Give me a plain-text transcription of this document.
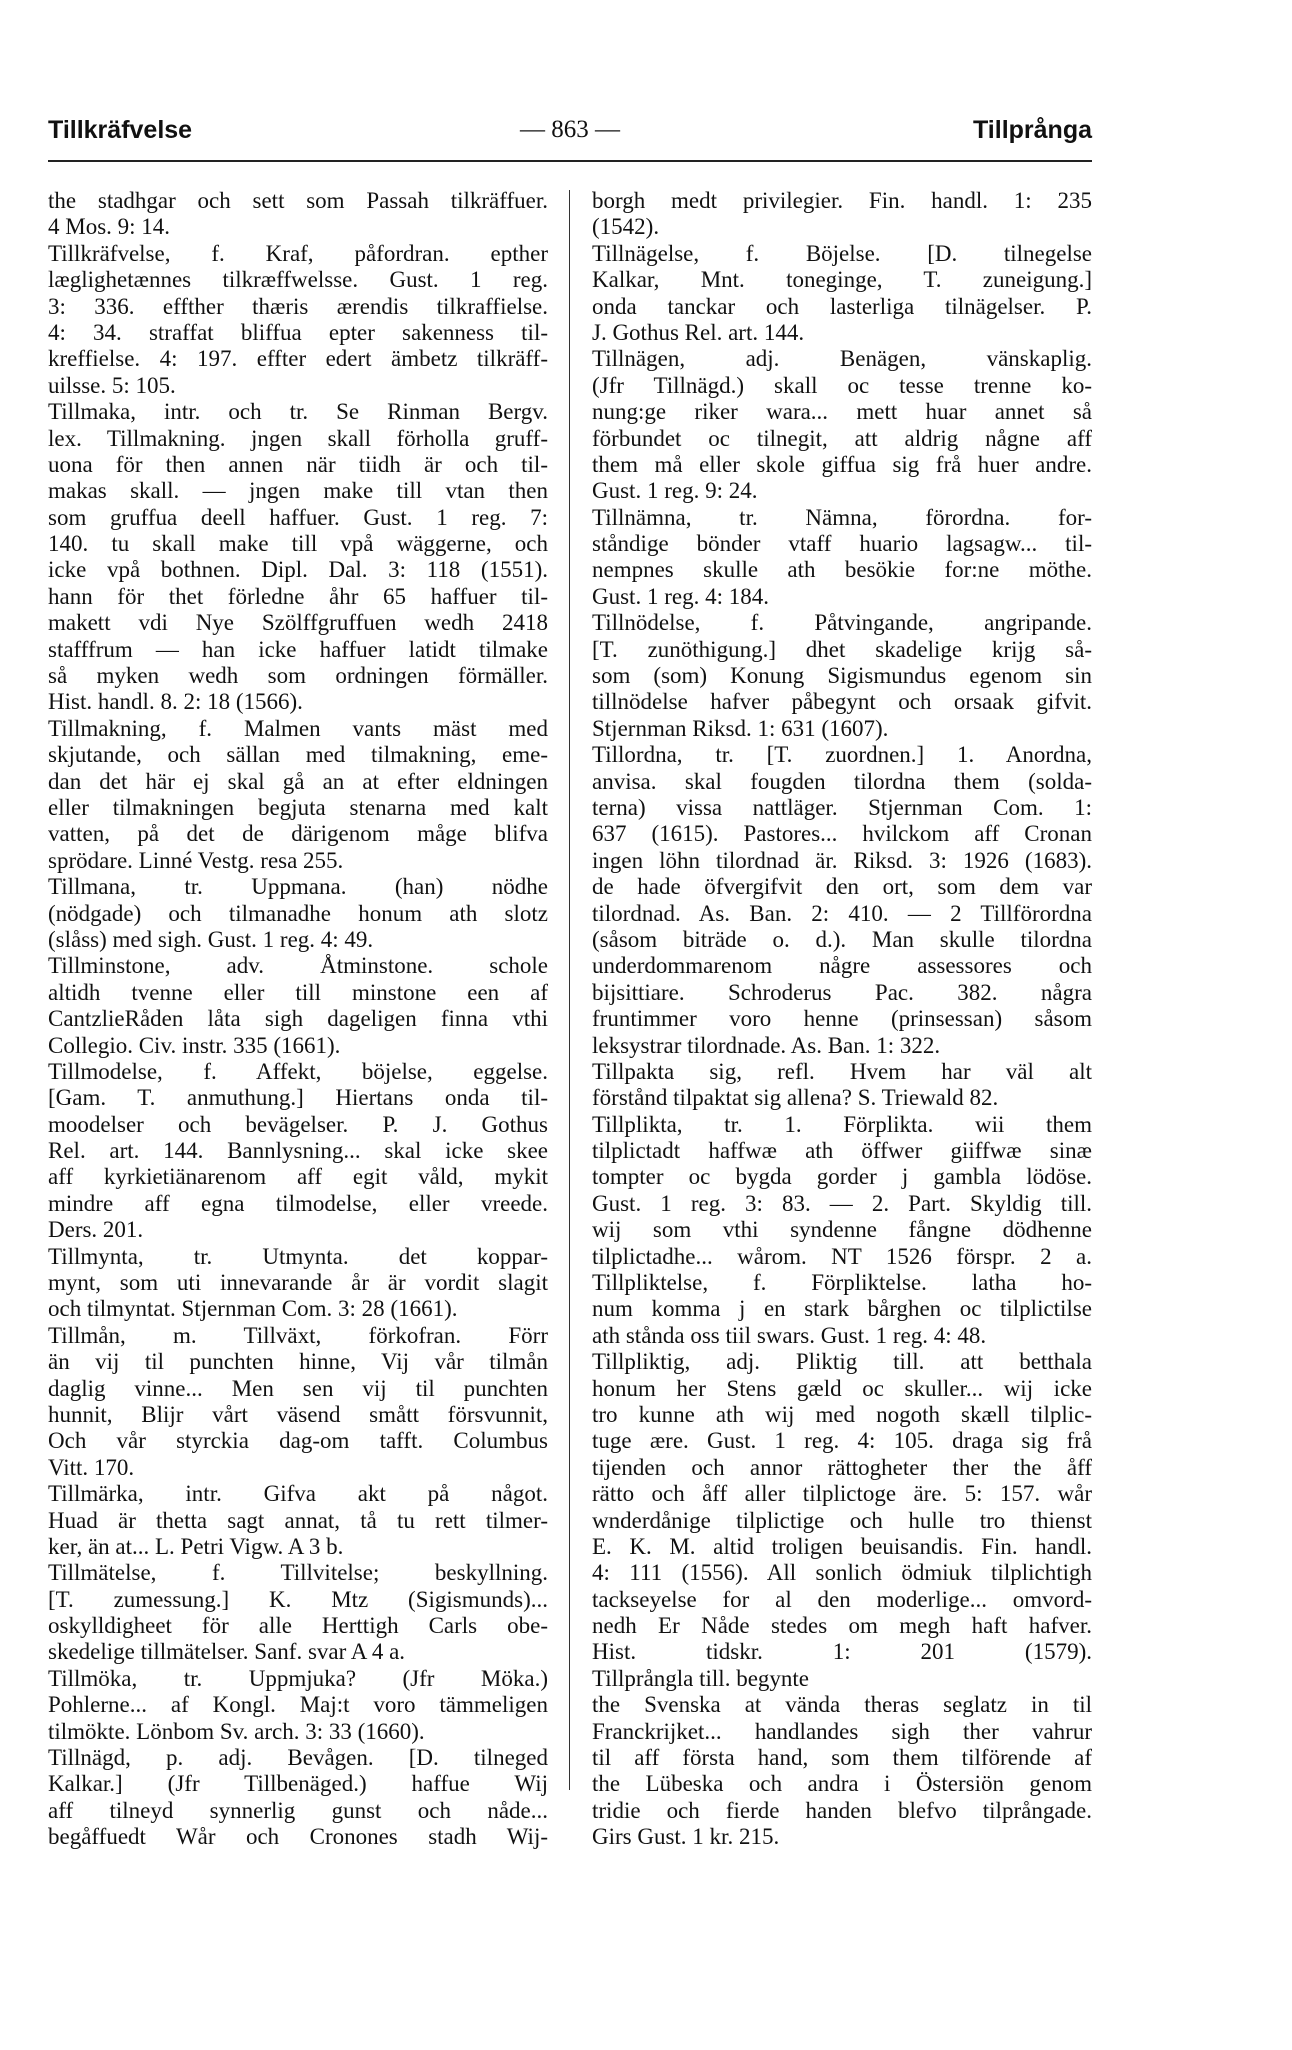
Tillkräfvelse	— 863 —	Tillprånga
the stadhgar och sett som Passah tilkräffuer.
4 Mos. 9: 14.
Tillkräfvelse, f. Kraf, påfordran. epther
læglighetænnes tilkræffwelsse. Gust. 1 reg.
3: 336. effther thæris ærendis tilkraffielse.
4: 34. straffat bliffua epter sakenness til-
kreffielse. 4: 197. effter edert ämbetz tilkräff-
uilsse. 5: 105.
Tillmaka, intr. och tr. Se Rinman Bergv.
lex. Tillmakning. jngen skall förholla gruff-
uona för then annen när tiidh är och til-
makas skall. — jngen make till vtan then
som gruffua deell haffuer. Gust. 1 reg. 7:
140. tu skall make till vpå wäggerne, och
icke vpå bothnen. Dipl. Dal. 3: 118 (1551).
hann för thet förledne åhr 65 haffuer til-
makett vdi Nye Szölffgruffuen wedh 2418
stafffrum — han icke haffuer latidt tilmake
så myken wedh som ordningen förmäller.
Hist. handl. 8. 2: 18 (1566).
Tillmakning, f. Malmen vants mäst med
skjutande, och sällan med tilmakning, eme-
dan det här ej skal gå an at efter eldningen
eller tilmakningen begjuta stenarna med kalt
vatten, på det de därigenom måge blifva
sprödare. Linné Vestg. resa 255.
Tillmana, tr. Uppmana. (han) nödhe
(nödgade) och tilmanadhe honum ath slotz
(slåss) med sigh. Gust. 1 reg. 4: 49.
Tillminstone, adv. Åtminstone. schole
altidh tvenne eller till minstone een af
CantzlieRåden låta sigh dageligen finna vthi
Collegio. Civ. instr. 335 (1661).
Tillmodelse, f. Affekt, böjelse, eggelse.
[Gam. T. anmuthung.] Hiertans onda til-
moodelser och bevägelser. P. J. Gothus
Rel. art. 144. Bannlysning... skal icke skee
aff kyrkietiänarenom aff egit våld, mykit
mindre aff egna tilmodelse, eller vreede.
Ders. 201.
Tillmynta, tr. Utmynta. det koppar-
mynt, som uti innevarande år är vordit slagit
och tilmyntat. Stjernman Com. 3: 28 (1661).
Tillmån, m. Tillväxt, förkofran. Förr
än vij til punchten hinne, Vij vår tilmån
daglig vinne... Men sen vij til punchten
hunnit, Blijr vårt väsend smått försvunnit,
Och vår styrckia dag-om tafft. Columbus
Vitt. 170.
Tillmärka, intr. Gifva akt på något.
Huad är thetta sagt annat, tå tu rett tilmer-
ker, än at... L. Petri Vigw. A 3 b.
Tillmätelse, f. Tillvitelse; beskyllning.
[T. zumessung.] K. Mtz (Sigismunds)...
oskylldigheet för alle Herttigh Carls obe-
skedelige tillmätelser. Sanf. svar A 4 a.
Tillmöka, tr. Uppmjuka? (Jfr Möka.)
Pohlerne... af Kongl. Maj:t voro tämmeligen
tilmökte. Lönbom Sv. arch. 3: 33 (1660).
Tillnägd, p. adj. Bevågen. [D. tilneged
Kalkar.] (Jfr Tillbenäged.) haffue Wij
aff tilneyd synnerlig gunst och nåde...
begåffuedt Wår och Cronones stadh Wij-
borgh medt privilegier. Fin. handl. 1: 235
(1542).
Tillnägelse, f. Böjelse. [D. tilnegelse
Kalkar, Mnt. toneginge, T. zuneigung.]
onda tanckar och lasterliga tilnägelser. P.
J. Gothus Rel. art. 144.
Tillnägen, adj. Benägen, vänskaplig.
(Jfr Tillnägd.) skall oc tesse trenne ko-
nung:ge riker wara... mett huar annet så
förbundet oc tilnegit, att aldrig någne aff
them må eller skole giffua sig frå huer andre.
Gust. 1 reg. 9: 24.
Tillnämna, tr. Nämna, förordna. for-
ståndige bönder vtaff huario lagsagw... til-
nempnes skulle ath besökie for:ne möthe.
Gust. 1 reg. 4: 184.
Tillnödelse, f. Påtvingande, angripande.
[T. zunöthigung.] dhet skadelige krijg så-
som (som) Konung Sigismundus egenom sin
tillnödelse hafver påbegynt och orsaak gifvit.
Stjernman Riksd. 1: 631 (1607).
Tillordna, tr. [T. zuordnen.] 1. Anordna,
anvisa. skal fougden tilordna them (solda-
terna) vissa nattläger. Stjernman Com. 1:
637 (1615). Pastores... hvilckom aff Cronan
ingen löhn tilordnad är. Riksd. 3: 1926 (1683).
de hade öfvergifvit den ort, som dem var
tilordnad. As. Ban. 2: 410. — 2 Tillförordna
(såsom biträde o. d.). Man skulle tilordna
underdommarenom någre assessores och
bijsittiare. Schroderus Pac. 382. några
fruntimmer voro henne (prinsessan) såsom
leksystrar tilordnade. As. Ban. 1: 322.
Tillpakta sig, refl. Hvem har väl alt
förstånd tilpaktat sig allena? S. Triewald 82.
Tillplikta, tr. 1. Förplikta. wii them
tilplictadt haffwæ ath öffwer giiffwæ sinæ
tompter oc bygda gorder j gambla lödöse.
Gust. 1 reg. 3: 83. — 2. Part. Skyldig till.
wij som vthi syndenne fångne dödhenne
tilplictadhe... wårom. NT 1526 förspr. 2 a.
Tillpliktelse, f. Förpliktelse. latha ho-
num komma j en stark bårghen oc tilplictilse
ath stånda oss tiil swars. Gust. 1 reg. 4: 48.
Tillpliktig, adj. Pliktig till. att betthala
honum her Stens gæld oc skuller... wij icke
tro kunne ath wij med nogoth skæll tilplic-
tuge ære. Gust. 1 reg. 4: 105. draga sig frå
tijenden och annor rättogheter ther the åff
rätto och åff aller tilplictoge äre. 5: 157. wår
wnderdånige tilplictige och hulle tro thienst
E. K. M. altid troligen beuisandis. Fin. handl.
4: 111 (1556). All sonlich ödmiuk tilplichtigh
tackseyelse for al den moderlige... omvord-
nedh Er Nåde stedes om megh haft hafver.
Hist. tidskr. 1: 201 (1579).
Tillprångla till. begynte
the Svenska at vända theras seglatz in til
Franckrijket... handlandes sigh ther vahrur
til aff första hand, som them tilförende af
the Lübeska och andra i Östersiön genom
tridie och fierde handen blefvo tilprångade.
Girs Gust. 1 kr. 215.
